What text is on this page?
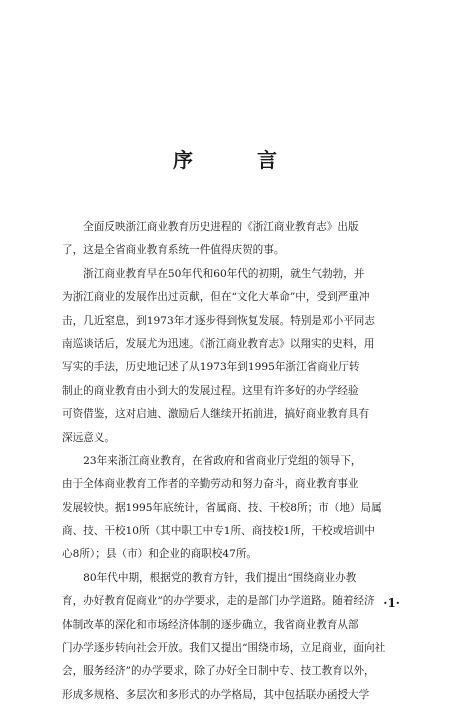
序　言
　　全面反映浙江商业教育历史进程的《浙江商业教育志》出版
了，这是全省商业教育系统一件值得庆贺的事。
　　浙江商业教育早在50年代和60年代的初期，就生气勃勃，并
为浙江商业的发展作出过贡献，但在“文化大革命”中，受到严重冲
击，几近窒息，到1973年才逐步得到恢复发展。特别是邓小平同志
南巡谈话后，发展尤为迅速。《浙江商业教育志》以翔实的史料，用
写实的手法，历史地记述了从1973年到1995年浙江省商业厅转
制止的商业教育由小到大的发展过程。这里有许多好的办学经验
可资借鉴，这对启迪、激励后人继续开拓前进，搞好商业教育具有
深远意义。
　　23年来浙江商业教育，在省政府和省商业厅党组的领导下，
由于全体商业教育工作者的辛勤劳动和努力奋斗，商业教育事业
发展较快。据1995年底统计，省属商、技、干校8所；市（地）局属
商、技、干校10所（其中职工中专1所、商技校1所，干校或培训中
心8所）；县（市）和企业的商职校47所。
　　80年代中期，根据党的教育方针，我们提出“围绕商业办教
育，办好教育促商业”的办学要求，走的是部门办学道路。随着经济
体制改革的深化和市场经济体制的逐步确立，我省商业教育从部
门办学逐步转向社会开放。我们又提出“围绕市场，立足商业，面向社
会，服务经济”的办学要求，除了办好全日制中专、技工教育以外，
形成多规格、多层次和多形式的办学格局，其中包括联办函授大学
·1·
